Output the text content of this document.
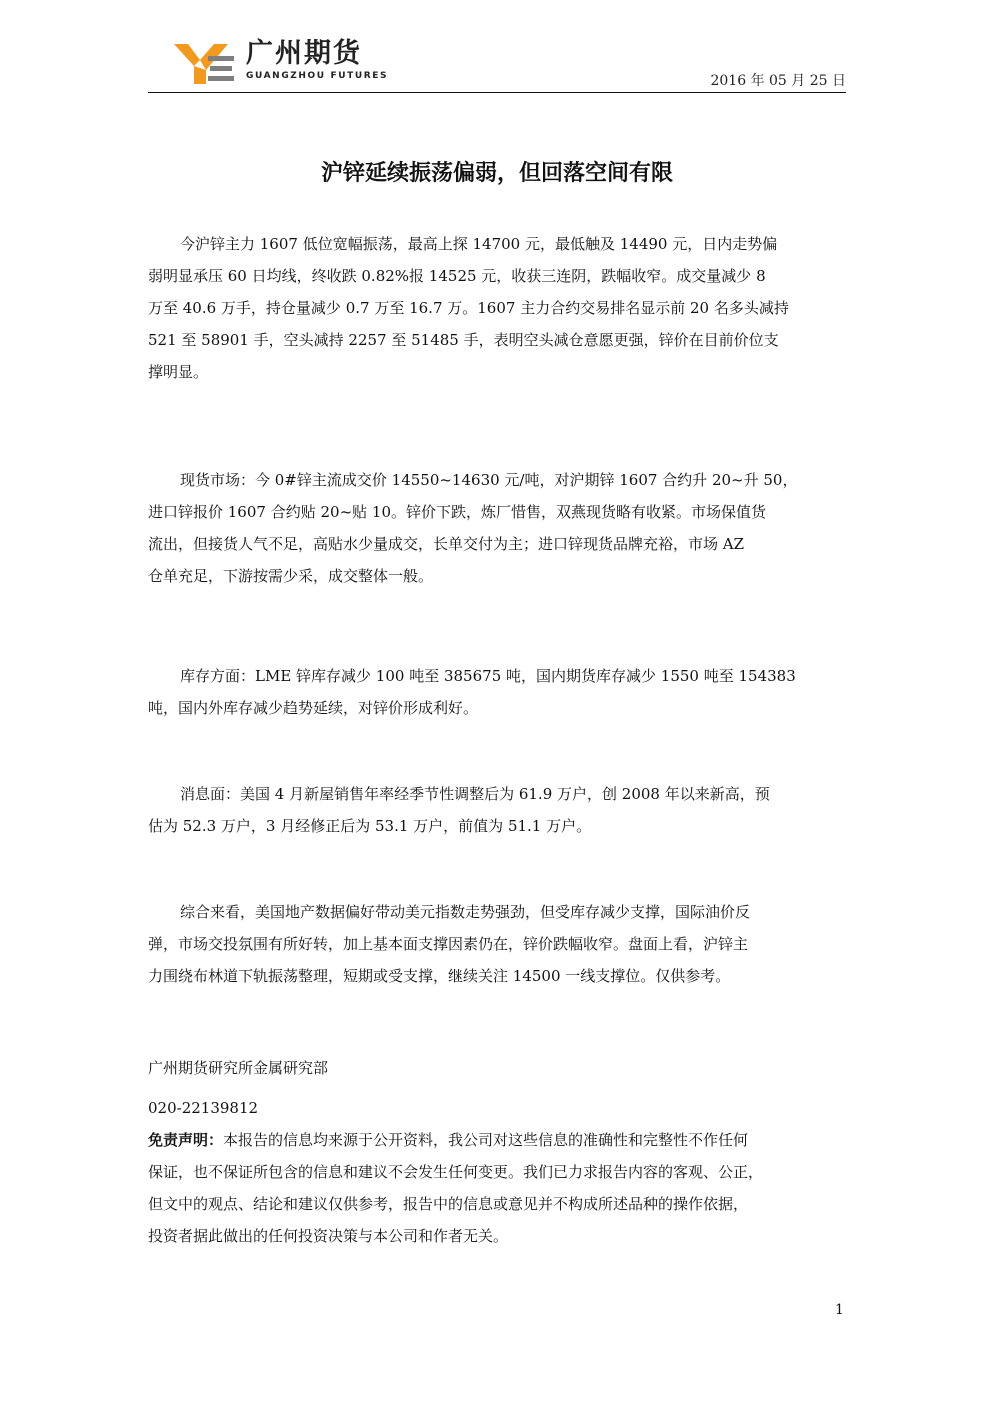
广州期货
GUANGZHOU FUTURES	2016 年 05 月 25 日
沪锌延续振荡偏弱，但回落空间有限
今沪锌主力 1607 低位宽幅振荡，最高上探 14700 元，最低触及 14490 元，日内走势偏
弱明显承压 60 日均线，终收跌 0.82%报 14525 元，收获三连阴，跌幅收窄。成交量减少 8
万至 40.6 万手，持仓量减少 0.7 万至 16.7 万。1607 主力合约交易排名显示前 20 名多头减持
521 至 58901 手，空头减持 2257 至 51485 手，表明空头减仓意愿更强，锌价在目前价位支
撑明显。
现货市场：今 0#锌主流成交价 14550~14630 元/吨，对沪期锌 1607 合约升 20~升 50，
进口锌报价 1607 合约贴 20~贴 10。锌价下跌，炼厂惜售，双燕现货略有收紧。市场保值货
流出，但接货人气不足，高贴水少量成交，长单交付为主；进口锌现货品牌充裕，市场 AZ
仓单充足，下游按需少采，成交整体一般。
库存方面：LME 锌库存减少 100 吨至 385675 吨，国内期货库存减少 1550 吨至 154383
吨，国内外库存减少趋势延续，对锌价形成利好。
消息面：美国 4 月新屋销售年率经季节性调整后为 61.9 万户，创 2008 年以来新高，预
估为 52.3 万户，3 月经修正后为 53.1 万户，前值为 51.1 万户。
综合来看，美国地产数据偏好带动美元指数走势强劲，但受库存减少支撑，国际油价反
弹，市场交投氛围有所好转，加上基本面支撑因素仍在，锌价跌幅收窄。盘面上看，沪锌主
力围绕布林道下轨振荡整理，短期或受支撑，继续关注 14500 一线支撑位。仅供参考。
广州期货研究所金属研究部
020-22139812
免责声明：本报告的信息均来源于公开资料，我公司对这些信息的准确性和完整性不作任何
保证，也不保证所包含的信息和建议不会发生任何变更。我们已力求报告内容的客观、公正，
但文中的观点、结论和建议仅供参考，报告中的信息或意见并不构成所述品种的操作依据，
投资者据此做出的任何投资决策与本公司和作者无关。
1
